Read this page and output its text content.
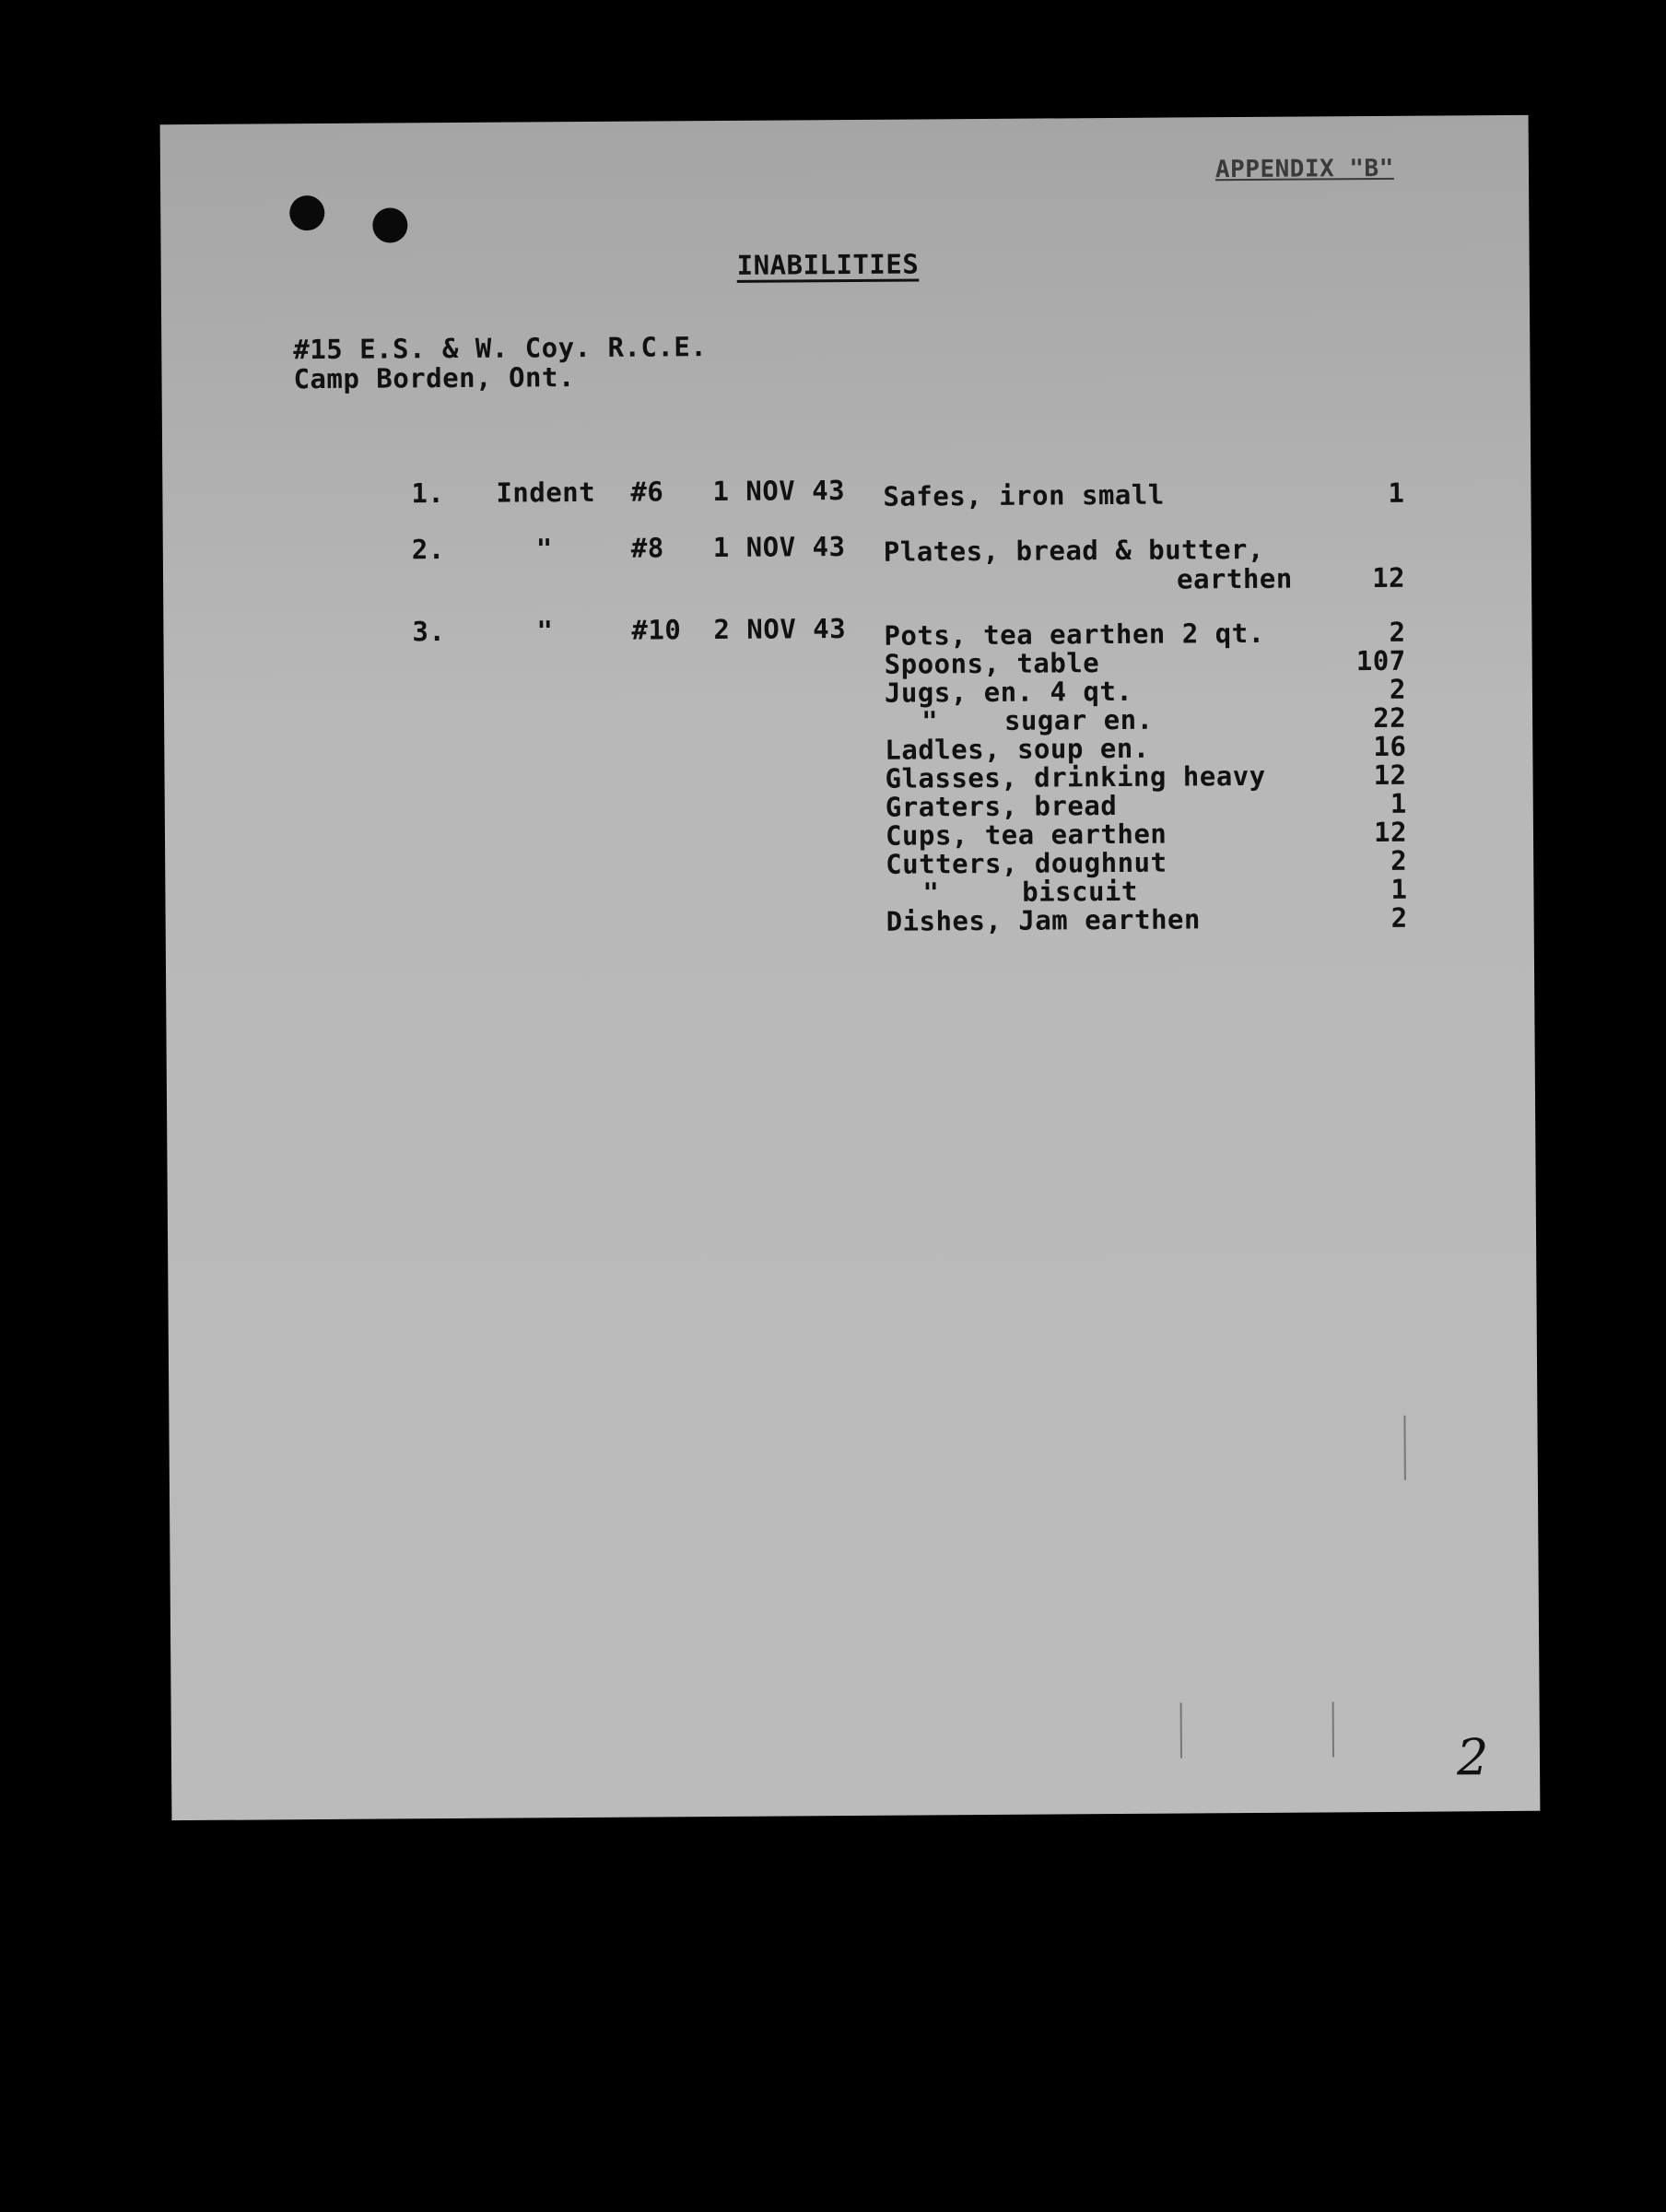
APPENDIX "B"
INABILITIES
#15 E.S. & W. Coy. R.C.E.
Camp Borden, Ont.
1. Indent #6 1 NOV 43 Safes, iron small	1
2.	"	#8 1 NOV 43 Plates, bread & butter,
earthen	12
3.	"	#10 2 NOV 43 Pots, tea earthen 2 qt.	2
Spoons, table	107
Jugs, en. 4 qt.	2
"    sugar en.	22
Ladles, soup en.	16
Glasses, drinking heavy	12
Graters, bread	1
Cups, tea earthen	12
Cutters, doughnut	2
"     biscuit	1
Dishes, Jam earthen	2
2
